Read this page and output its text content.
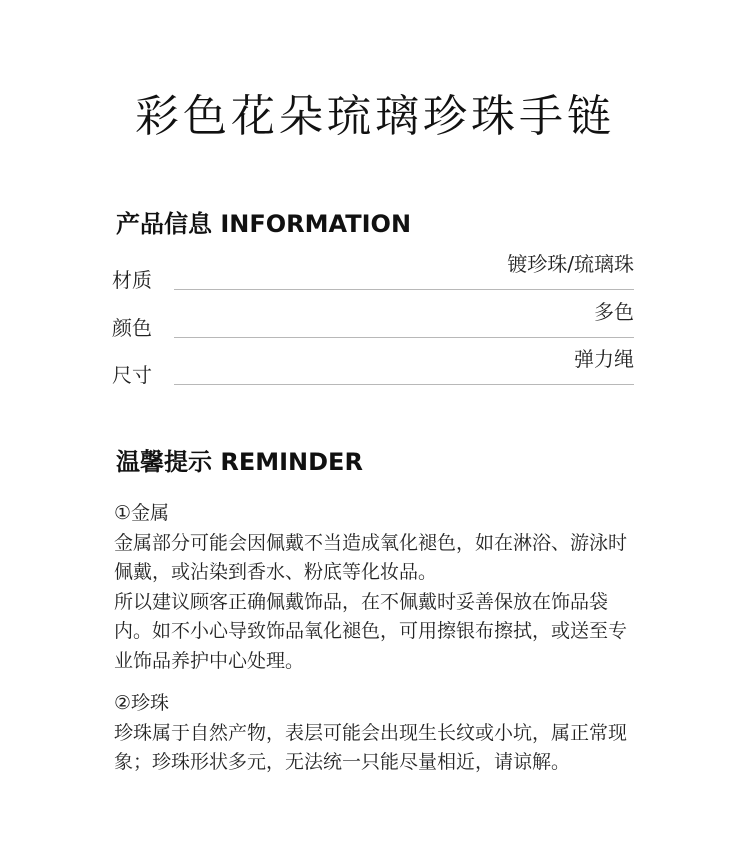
彩色花朵琉璃珍珠手链
产品信息 INFORMATION
材质
镀珍珠/琉璃珠
颜色
多色
尺寸
弹力绳
温馨提示 REMINDER
①金属
金属部分可能会因佩戴不当造成氧化褪色，如在淋浴、游泳时佩戴，或沾染到香水、粉底等化妆品。
所以建议顾客正确佩戴饰品，在不佩戴时妥善保放在饰品袋内。如不小心导致饰品氧化褪色，可用擦银布擦拭，或送至专业饰品养护中心处理。
②珍珠
珍珠属于自然产物，表层可能会出现生长纹或小坑，属正常现象；珍珠形状多元，无法统一只能尽量相近，请谅解。
